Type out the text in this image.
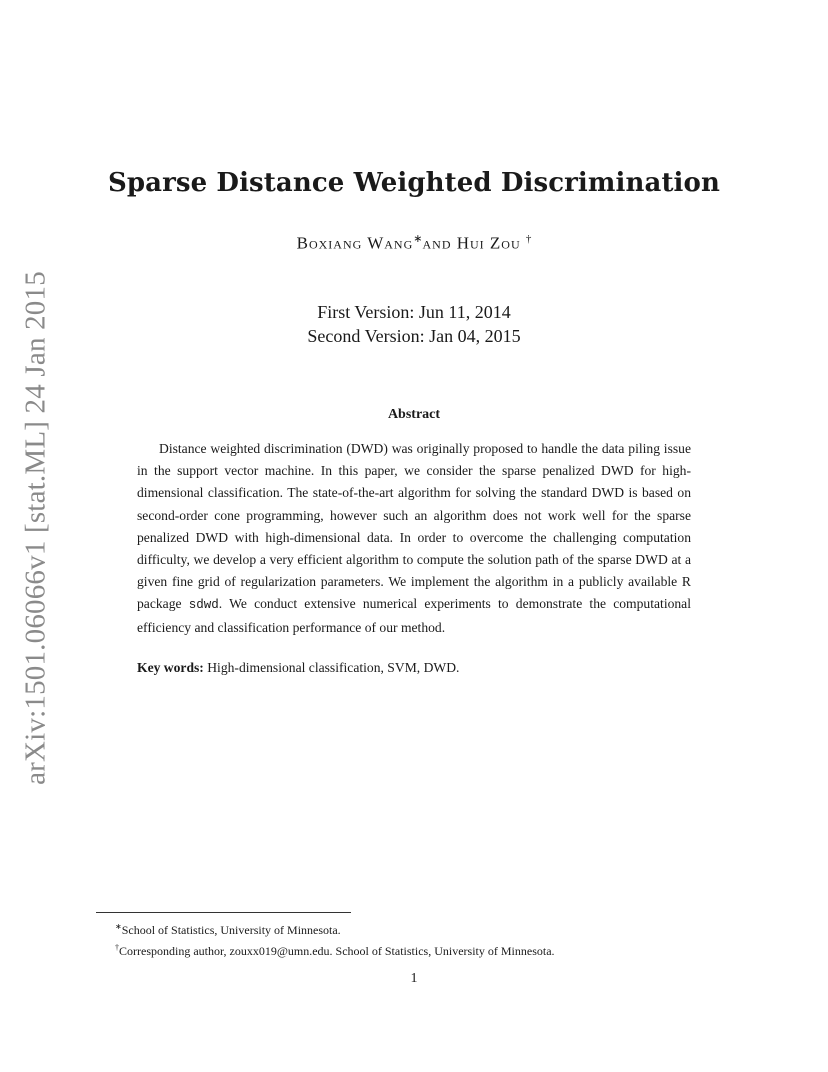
arXiv:1501.06066v1 [stat.ML] 24 Jan 2015
Sparse Distance Weighted Discrimination
Boxiang Wang∗and Hui Zou †
First Version: Jun 11, 2014
Second Version: Jan 04, 2015
Abstract

Distance weighted discrimination (DWD) was originally proposed to handle the data piling issue in the support vector machine. In this paper, we consider the sparse penalized DWD for high-dimensional classification. The state-of-the-art algorithm for solving the standard DWD is based on second-order cone programming, however such an algorithm does not work well for the sparse penalized DWD with high-dimensional data. In order to overcome the challenging computation difficulty, we develop a very efficient algorithm to compute the solution path of the sparse DWD at a given fine grid of regularization parameters. We implement the algorithm in a publicly available R package sdwd. We conduct extensive numerical experiments to demonstrate the computational efficiency and classification performance of our method.

Key words: High-dimensional classification, SVM, DWD.

∗School of Statistics, University of Minnesota.
†Corresponding author, zouxx019@umn.edu. School of Statistics, University of Minnesota.
1
